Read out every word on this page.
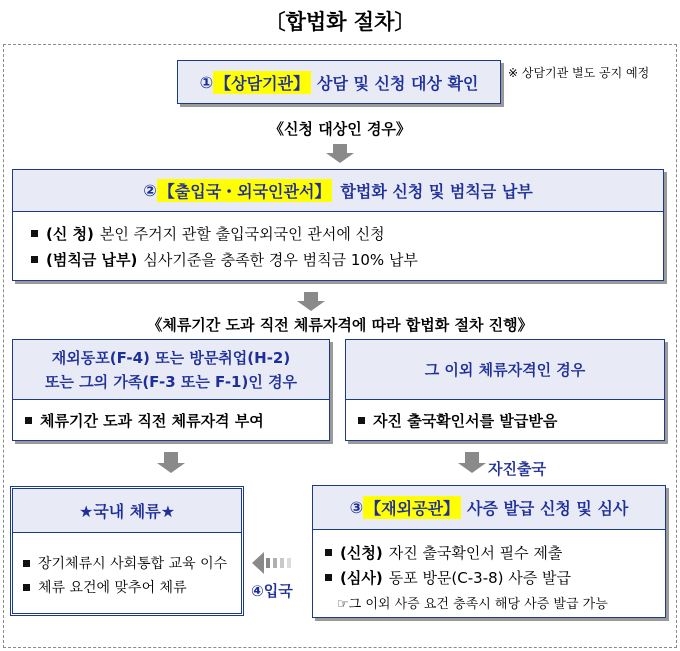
〔합법화 절차〕
※ 상담기관 별도 공지 예정
① 【상담기관】 상담 및 신청 대상 확인
《신청 대상인 경우》
② 【출입국・외국인관서】 합법화 신청 및 범칙금 납부
(신 청) 본인 주거지 관할 출입국외국인 관서에 신청
(범칙금 납부) 심사기준을 충족한 경우 범칙금 10% 납부
《체류기간 도과 직전 체류자격에 따라 합법화 절차 진행》
재외동포(F-4) 또는 방문취업(H-2)
또는 그의 가족(F-3 또는 F-1)인 경우
체류기간 도과 직전 체류자격 부여
그 이외 체류자격인 경우
자진 출국확인서를 발급받음
자진출국
★국내 체류★
장기체류시 사회통합 교육 이수
체류 요건에 맞추어 체류	④입국
③ 【재외공관】 사증 발급 신청 및 심사
(신청) 자진 출국확인서 필수 제출
(심사) 동포 방문(C-3-8) 사증 발급
☞그 이외 사증 요건 충족시 해당 사증 발급 가능
